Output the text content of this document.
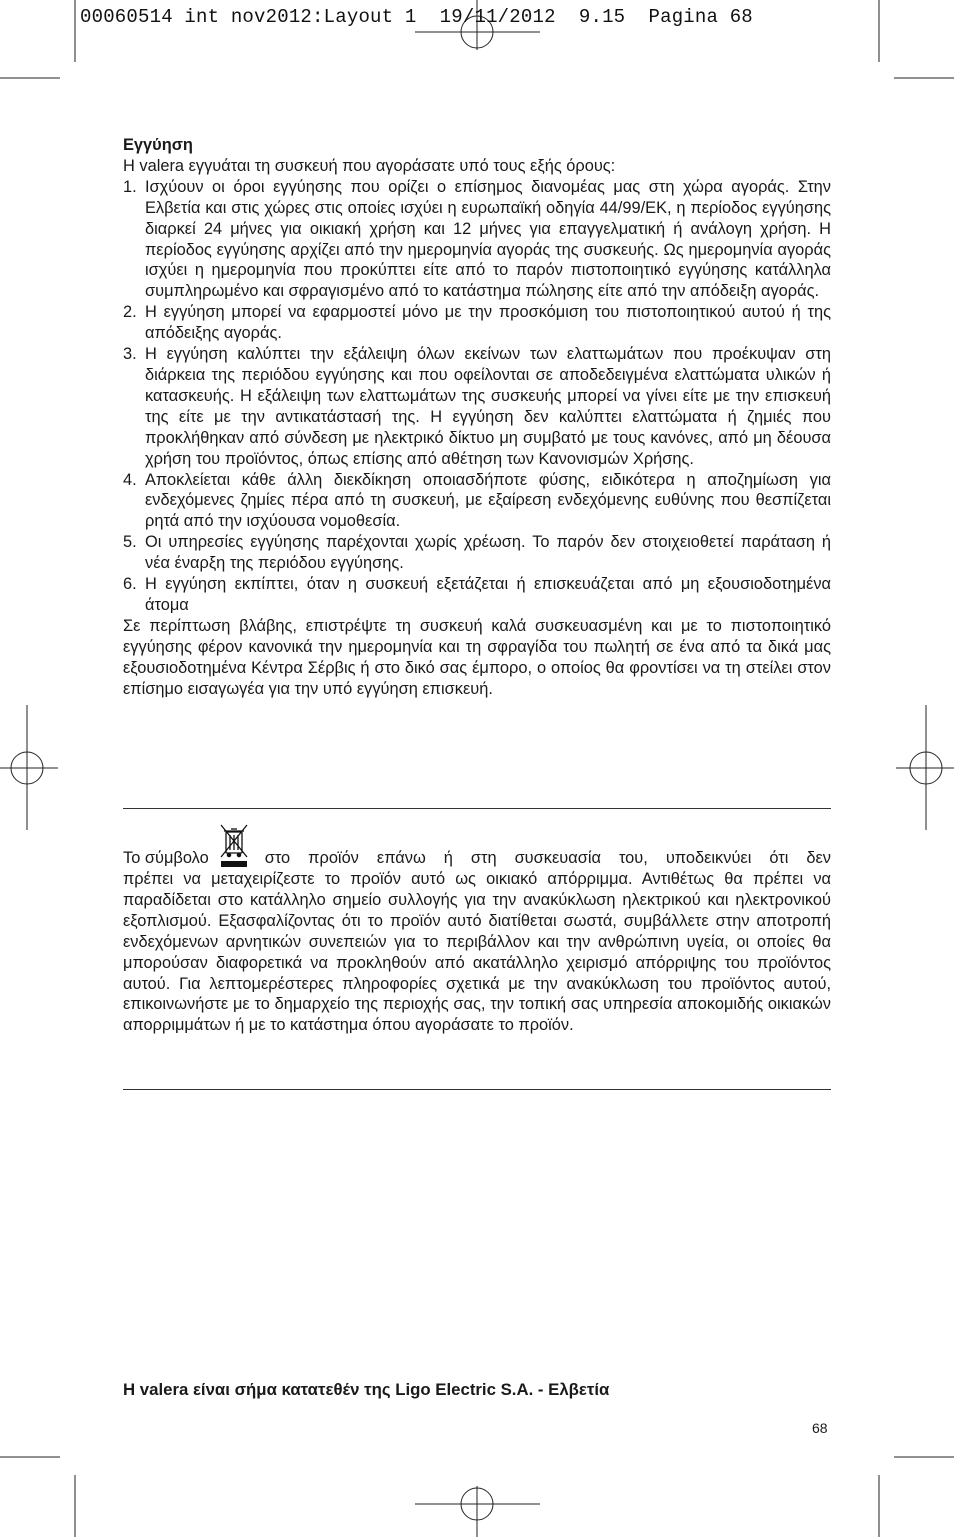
00060514 int nov2012:Layout 1  19/11/2012  9.15  Pagina 68
Εγγύηση

Η valera εγγυάται τη συσκευή που αγοράσατε υπό τους εξής όρους:

1. Ισχύουν οι όροι εγγύησης που ορίζει ο επίσημος διανομέας μας στη χώρα αγοράς. Στην Ελβετία και στις χώρες στις οποίες ισχύει η ευρωπαϊκή οδηγία 44/99/ΕΚ, η περίοδος εγγύησης διαρκεί 24 μήνες για οικιακή χρήση και 12 μήνες για επαγγελματική ή ανάλογη χρήση. Η περίοδος εγγύησης αρχίζει από την ημερομηνία αγοράς της συσκευής. Ως ημερομηνία αγοράς ισχύει η ημερομηνία που προκύπτει είτε από το παρόν πιστοποιητικό εγγύησης κατάλληλα συμπληρωμένο και σφραγισμένο από το κατάστημα πώλησης είτε από την απόδειξη αγοράς.
2. Η εγγύηση μπορεί να εφαρμοστεί μόνο με την προσκόμιση του πιστοποιητικού αυτού ή της απόδειξης αγοράς.
3. Η εγγύηση καλύπτει την εξάλειψη όλων εκείνων των ελαττωμάτων που προέκυψαν στη διάρκεια της περιόδου εγγύησης και που οφείλονται σε αποδεδειγμένα ελαττώματα υλικών ή κατασκευής. Η εξάλειψη των ελαττωμάτων της συσκευής μπορεί να γίνει είτε με την επισκευή της είτε με την αντικατάστασή της. Η εγγύηση δεν καλύπτει ελαττώματα ή ζημιές που προκλήθηκαν από σύνδεση με ηλεκτρικό δίκτυο μη συμβατό με τους κανόνες, από μη δέουσα χρήση του προϊόντος, όπως επίσης από αθέτηση των Κανονισμών Χρήσης.
4. Αποκλείεται κάθε άλλη διεκδίκηση οποιασδήποτε φύσης, ειδικότερα η αποζημίωση για ενδεχόμενες ζημίες πέρα από τη συσκευή, με εξαίρεση ενδεχόμενης ευθύνης που θεσπίζεται ρητά από την ισχύουσα νομοθεσία.
5. Οι υπηρεσίες εγγύησης παρέχονται χωρίς χρέωση. Το παρόν δεν στοιχειοθετεί παράταση ή νέα έναρξη της περιόδου εγγύησης.
6. Η εγγύηση εκπίπτει, όταν η συσκευή εξετάζεται ή επισκευάζεται από μη εξουσιοδοτημένα άτομα

Σε περίπτωση βλάβης, επιστρέψτε τη συσκευή καλά συσκευασμένη και με το πιστοποιητικό εγγύησης φέρον κανονικά την ημερομηνία και τη σφραγίδα του πωλητή σε ένα από τα δικά μας εξουσιοδοτημένα Κέντρα Σέρβις ή στο δικό σας έμπορο, ο οποίος θα φροντίσει να τη στείλει στον επίσημο εισαγωγέα για την υπό εγγύηση επισκευή.

Το σύμβολο	στο προϊόν επάνω ή στη συσκευασία του, υποδεικνύει ότι δεν

πρέπει να μεταχειρίζεστε το προϊόν αυτό ως οικιακό απόρριμμα. Αντιθέτως θα πρέπει να παραδίδεται στο κατάλληλο σημείο συλλογής για την ανακύκλωση ηλεκτρικού και ηλεκτρονικού εξοπλισμού. Εξασφαλίζοντας ότι το προϊόν αυτό διατίθεται σωστά, συμβάλλετε στην αποτροπή ενδεχόμενων αρνητικών συνεπειών για το περιβάλλον και την ανθρώπινη υγεία, οι οποίες θα μπορούσαν διαφορετικά να προκληθούν από ακατάλληλο χειρισμό απόρριψης του προϊόντος αυτού. Για λεπτομερέστερες πληροφορίες σχετικά με την ανακύκλωση του προϊόντος αυτού, επικοινωνήστε με το δημαρχείο της περιοχής σας, την τοπική σας υπηρεσία αποκομιδής οικιακών απορριμμάτων ή με το κατάστημα όπου αγοράσατε το προϊόν.

H valera είναι σήμα κατατεθέν της Ligo Electric S.A. - Ελβετία
68
